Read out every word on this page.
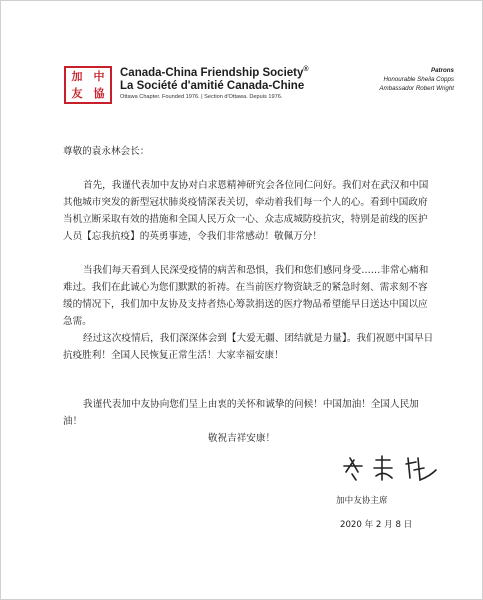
加	中
友	協
Canada-China Friendship Society®
La Société d'amitié Canada-Chine
Ottawa Chapter. Founded 1976. | Section d'Ottawa. Depuis 1976.
Patrons
Honourable Sheila Copps
Ambassador Robert Wright
尊敬的袁永林会长：

首先，我谨代表加中友协对白求恩精神研究会各位同仁问好。我们对在武汉和中国其他城市突发的新型冠状肺炎疫情深表关切，牵动着我们每一个人的心。看到中国政府当机立断采取有效的措施和全国人民万众一心、众志成城防疫抗灾，特别是前线的医护人员【忘我抗疫】的英勇事迹，令我们非常感动！敬佩万分！

当我们每天看到人民深受疫情的病苦和恐惧，我们和您们感同身受……非常心痛和难过。我们在此诚心为您们默默的祈祷。在当前医疗物资缺乏的紧急时刻、需求刻不容缓的情况下，我们加中友协及支持者热心筹款捐送的医疗物品希望能早日送达中国以应急需。

经过这次疫情后，我们深深体会到【大爱无疆、团结就是力量】。我们祝愿中国早日抗疫胜利！全国人民恢复正常生活！大家幸福安康！

我谨代表加中友协向您们呈上由衷的关怀和诚挚的问候！中国加油！全国人民加油！

敬祝吉祥安康！
加中友协主席
2020 年 2 月 8 日
